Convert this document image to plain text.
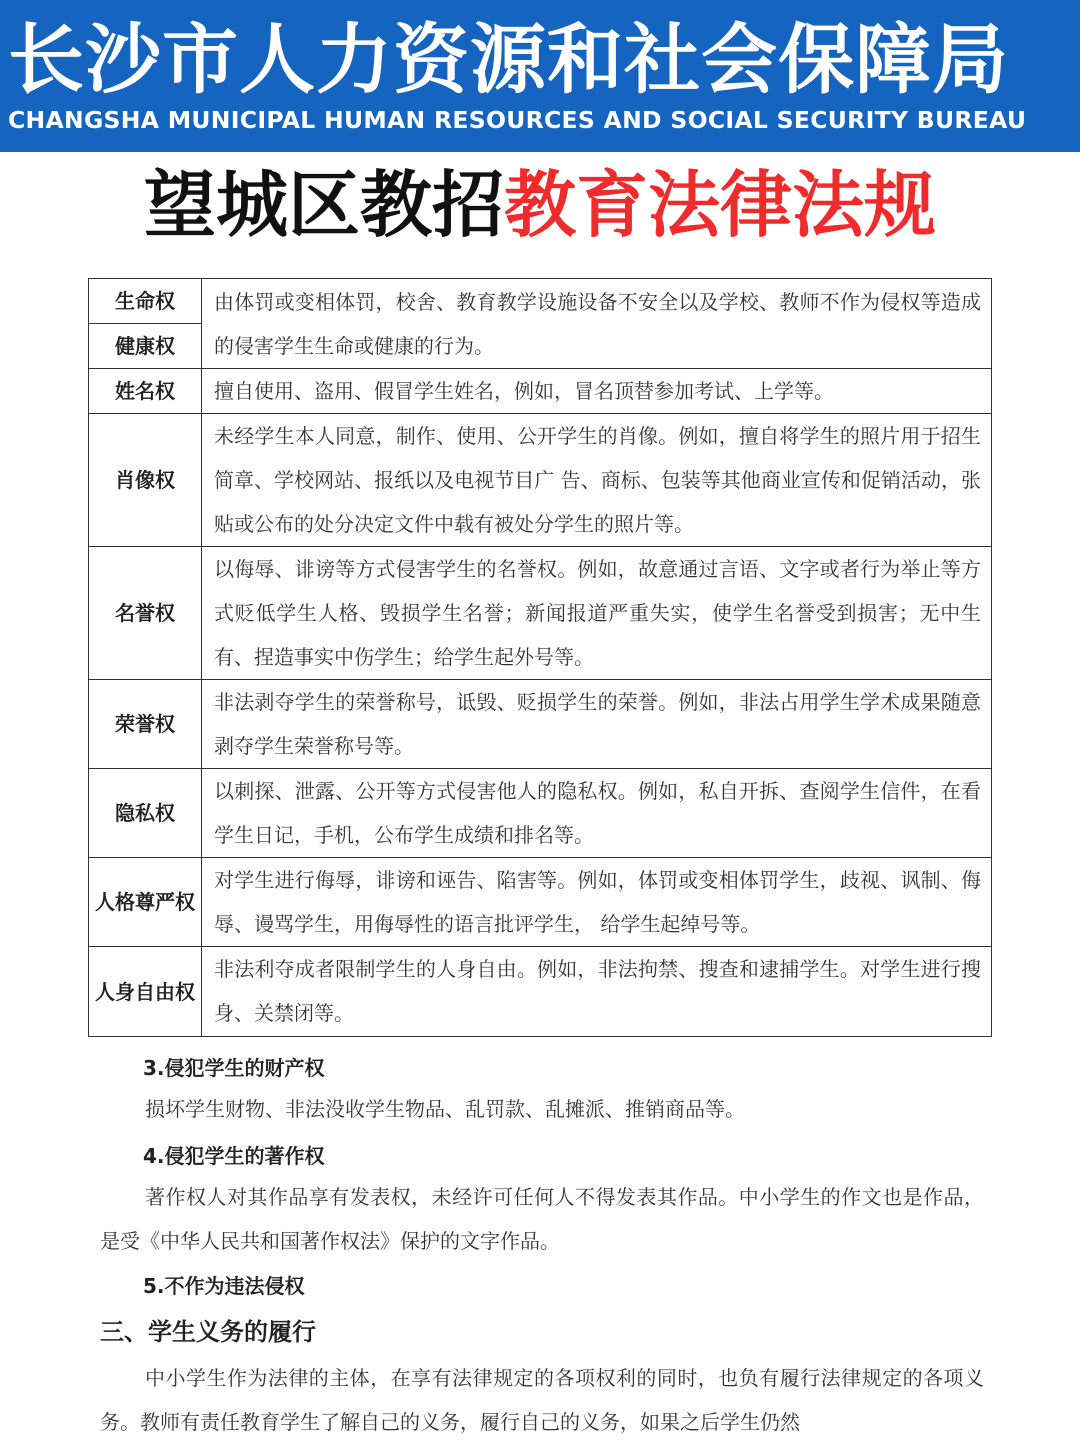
长沙市人力资源和社会保障局
CHANGSHA MUNICIPAL HUMAN RESOURCES AND SOCIAL SECURITY BUREAU
望城区教招教育法律法规
生命权	由体罚或变相体罚，校舍、教育教学设施设备不安全以及学校、教师不作为侵权等造成的侵害学生生命或健康的行为。
健康权	
姓名权	擅自使用、盗用、假冒学生姓名，例如，冒名顶替参加考试、上学等。
肖像权	未经学生本人同意，制作、使用、公开学生的肖像。例如，擅自将学生的照片用于招生简章、学校网站、报纸以及电视节目广 告、商标、包装等其他商业宣传和促销活动，张贴或公布的处分决定文件中载有被处分学生的照片等。
名誉权	以侮辱、诽谤等方式侵害学生的名誉权。例如，故意通过言语、文字或者行为举止等方式贬低学生人格、毁损学生名誉；新闻报道严重失实，使学生名誉受到损害；无中生有、捏造事实中伤学生；给学生起外号等。
荣誉权	非法剥夺学生的荣誉称号，诋毁、贬损学生的荣誉。例如，非法占用学生学术成果随意剥夺学生荣誉称号等。
隐私权	以刺探、泄露、公开等方式侵害他人的隐私权。例如，私自开拆、查阅学生信件，在看学生日记，手机，公布学生成绩和排名等。
人格尊严权	对学生进行侮辱，诽谤和诬告、陷害等。例如，体罚或变相体罚学生，歧视、讽制、侮辱、谩骂学生，用侮辱性的语言批评学生， 给学生起绰号等。
人身自由权	非法利夺成者限制学生的人身自由。例如，非法拘禁、搜查和逮捕学生。对学生进行搜身、关禁闭等。
3.侵犯学生的财产权
损坏学生财物、非法没收学生物品、乱罚款、乱摊派、推销商品等。
4.侵犯学生的著作权
著作权人对其作品享有发表权，未经许可任何人不得发表其作品。中小学生的作文也是作品，是受《中华人民共和国著作权法》保护的文字作品。
5.不作为违法侵权
三、学生义务的履行
中小学生作为法律的主体，在享有法律规定的各项权利的同时，也负有履行法律规定的各项义务。教师有责任教育学生了解自己的义务，履行自己的义务，如果之后学生仍然
